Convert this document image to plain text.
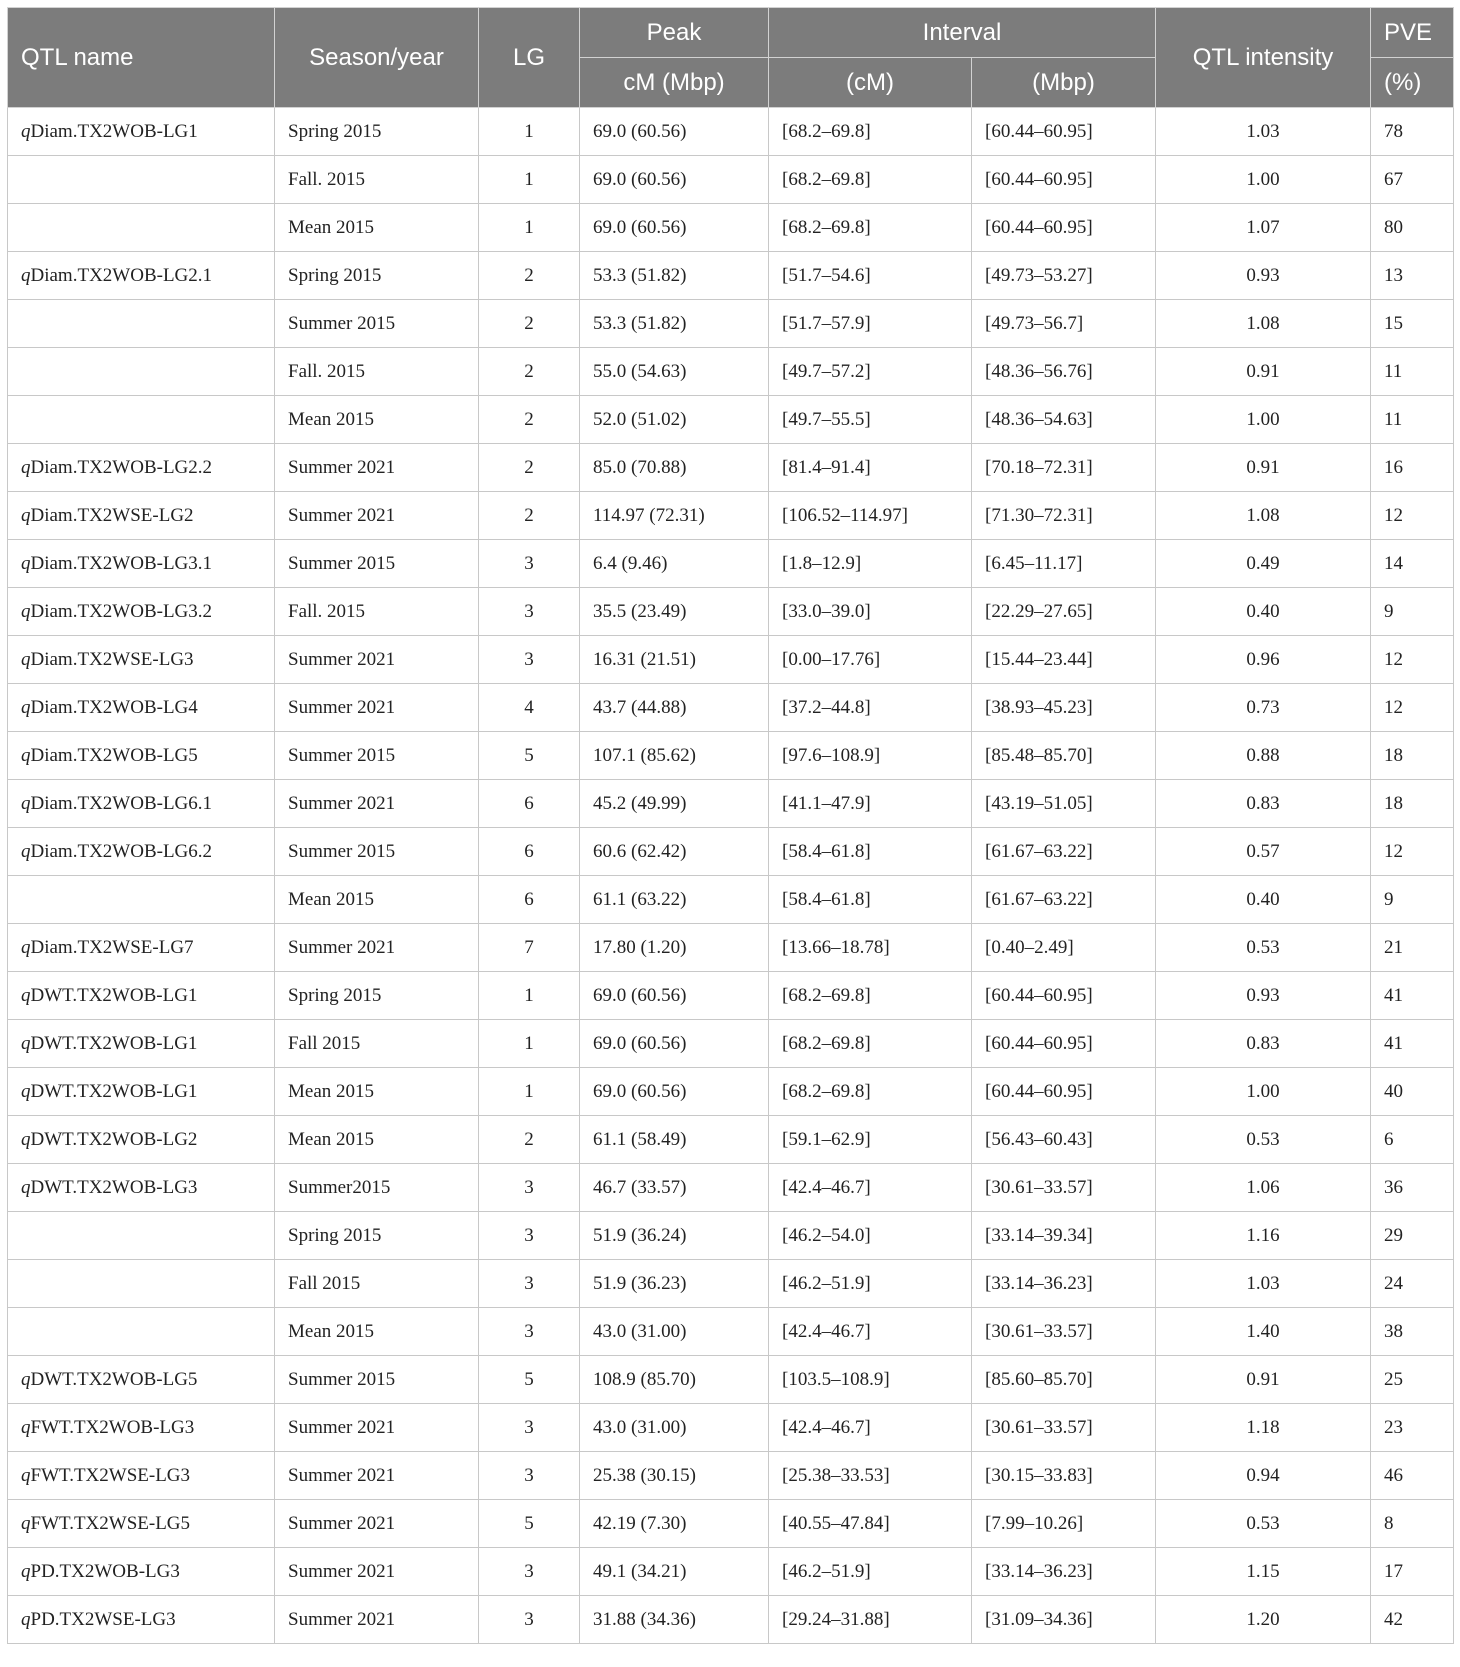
QTL name	Season/year	LG	Peak	Interval		QTL intensity	PVE
			cM (Mbp)	(cM)	(Mbp)		(%)
qDiam.TX2WOB-LG1	Spring 2015	1	69.0 (60.56)	[68.2–69.8]	[60.44–60.95]	1.03	78
	Fall. 2015	1	69.0 (60.56)	[68.2–69.8]	[60.44–60.95]	1.00	67
	Mean 2015	1	69.0 (60.56)	[68.2–69.8]	[60.44–60.95]	1.07	80
qDiam.TX2WOB-LG2.1	Spring 2015	2	53.3 (51.82)	[51.7–54.6]	[49.73–53.27]	0.93	13
	Summer 2015	2	53.3 (51.82)	[51.7–57.9]	[49.73–56.7]	1.08	15
	Fall. 2015	2	55.0 (54.63)	[49.7–57.2]	[48.36–56.76]	0.91	11
	Mean 2015	2	52.0 (51.02)	[49.7–55.5]	[48.36–54.63]	1.00	11
qDiam.TX2WOB-LG2.2	Summer 2021	2	85.0 (70.88)	[81.4–91.4]	[70.18–72.31]	0.91	16
qDiam.TX2WSE-LG2	Summer 2021	2	114.97 (72.31)	[106.52–114.97]	[71.30–72.31]	1.08	12
qDiam.TX2WOB-LG3.1	Summer 2015	3	6.4 (9.46)	[1.8–12.9]	[6.45–11.17]	0.49	14
qDiam.TX2WOB-LG3.2	Fall. 2015	3	35.5 (23.49)	[33.0–39.0]	[22.29–27.65]	0.40	9
qDiam.TX2WSE-LG3	Summer 2021	3	16.31 (21.51)	[0.00–17.76]	[15.44–23.44]	0.96	12
qDiam.TX2WOB-LG4	Summer 2021	4	43.7 (44.88)	[37.2–44.8]	[38.93–45.23]	0.73	12
qDiam.TX2WOB-LG5	Summer 2015	5	107.1 (85.62)	[97.6–108.9]	[85.48–85.70]	0.88	18
qDiam.TX2WOB-LG6.1	Summer 2021	6	45.2 (49.99)	[41.1–47.9]	[43.19–51.05]	0.83	18
qDiam.TX2WOB-LG6.2	Summer 2015	6	60.6 (62.42)	[58.4–61.8]	[61.67–63.22]	0.57	12
	Mean 2015	6	61.1 (63.22)	[58.4–61.8]	[61.67–63.22]	0.40	9
qDiam.TX2WSE-LG7	Summer 2021	7	17.80 (1.20)	[13.66–18.78]	[0.40–2.49]	0.53	21
qDWT.TX2WOB-LG1	Spring 2015	1	69.0 (60.56)	[68.2–69.8]	[60.44–60.95]	0.93	41
qDWT.TX2WOB-LG1	Fall 2015	1	69.0 (60.56)	[68.2–69.8]	[60.44–60.95]	0.83	41
qDWT.TX2WOB-LG1	Mean 2015	1	69.0 (60.56)	[68.2–69.8]	[60.44–60.95]	1.00	40
qDWT.TX2WOB-LG2	Mean 2015	2	61.1 (58.49)	[59.1–62.9]	[56.43–60.43]	0.53	6
qDWT.TX2WOB-LG3	Summer2015	3	46.7 (33.57)	[42.4–46.7]	[30.61–33.57]	1.06	36
	Spring 2015	3	51.9 (36.24)	[46.2–54.0]	[33.14–39.34]	1.16	29
	Fall 2015	3	51.9 (36.23)	[46.2–51.9]	[33.14–36.23]	1.03	24
	Mean 2015	3	43.0 (31.00)	[42.4–46.7]	[30.61–33.57]	1.40	38
qDWT.TX2WOB-LG5	Summer 2015	5	108.9 (85.70)	[103.5–108.9]	[85.60–85.70]	0.91	25
qFWT.TX2WOB-LG3	Summer 2021	3	43.0 (31.00)	[42.4–46.7]	[30.61–33.57]	1.18	23
qFWT.TX2WSE-LG3	Summer 2021	3	25.38 (30.15)	[25.38–33.53]	[30.15–33.83]	0.94	46
qFWT.TX2WSE-LG5	Summer 2021	5	42.19 (7.30)	[40.55–47.84]	[7.99–10.26]	0.53	8
qPD.TX2WOB-LG3	Summer 2021	3	49.1 (34.21)	[46.2–51.9]	[33.14–36.23]	1.15	17
qPD.TX2WSE-LG3	Summer 2021	3	31.88 (34.36)	[29.24–31.88]	[31.09–34.36]	1.20	42
